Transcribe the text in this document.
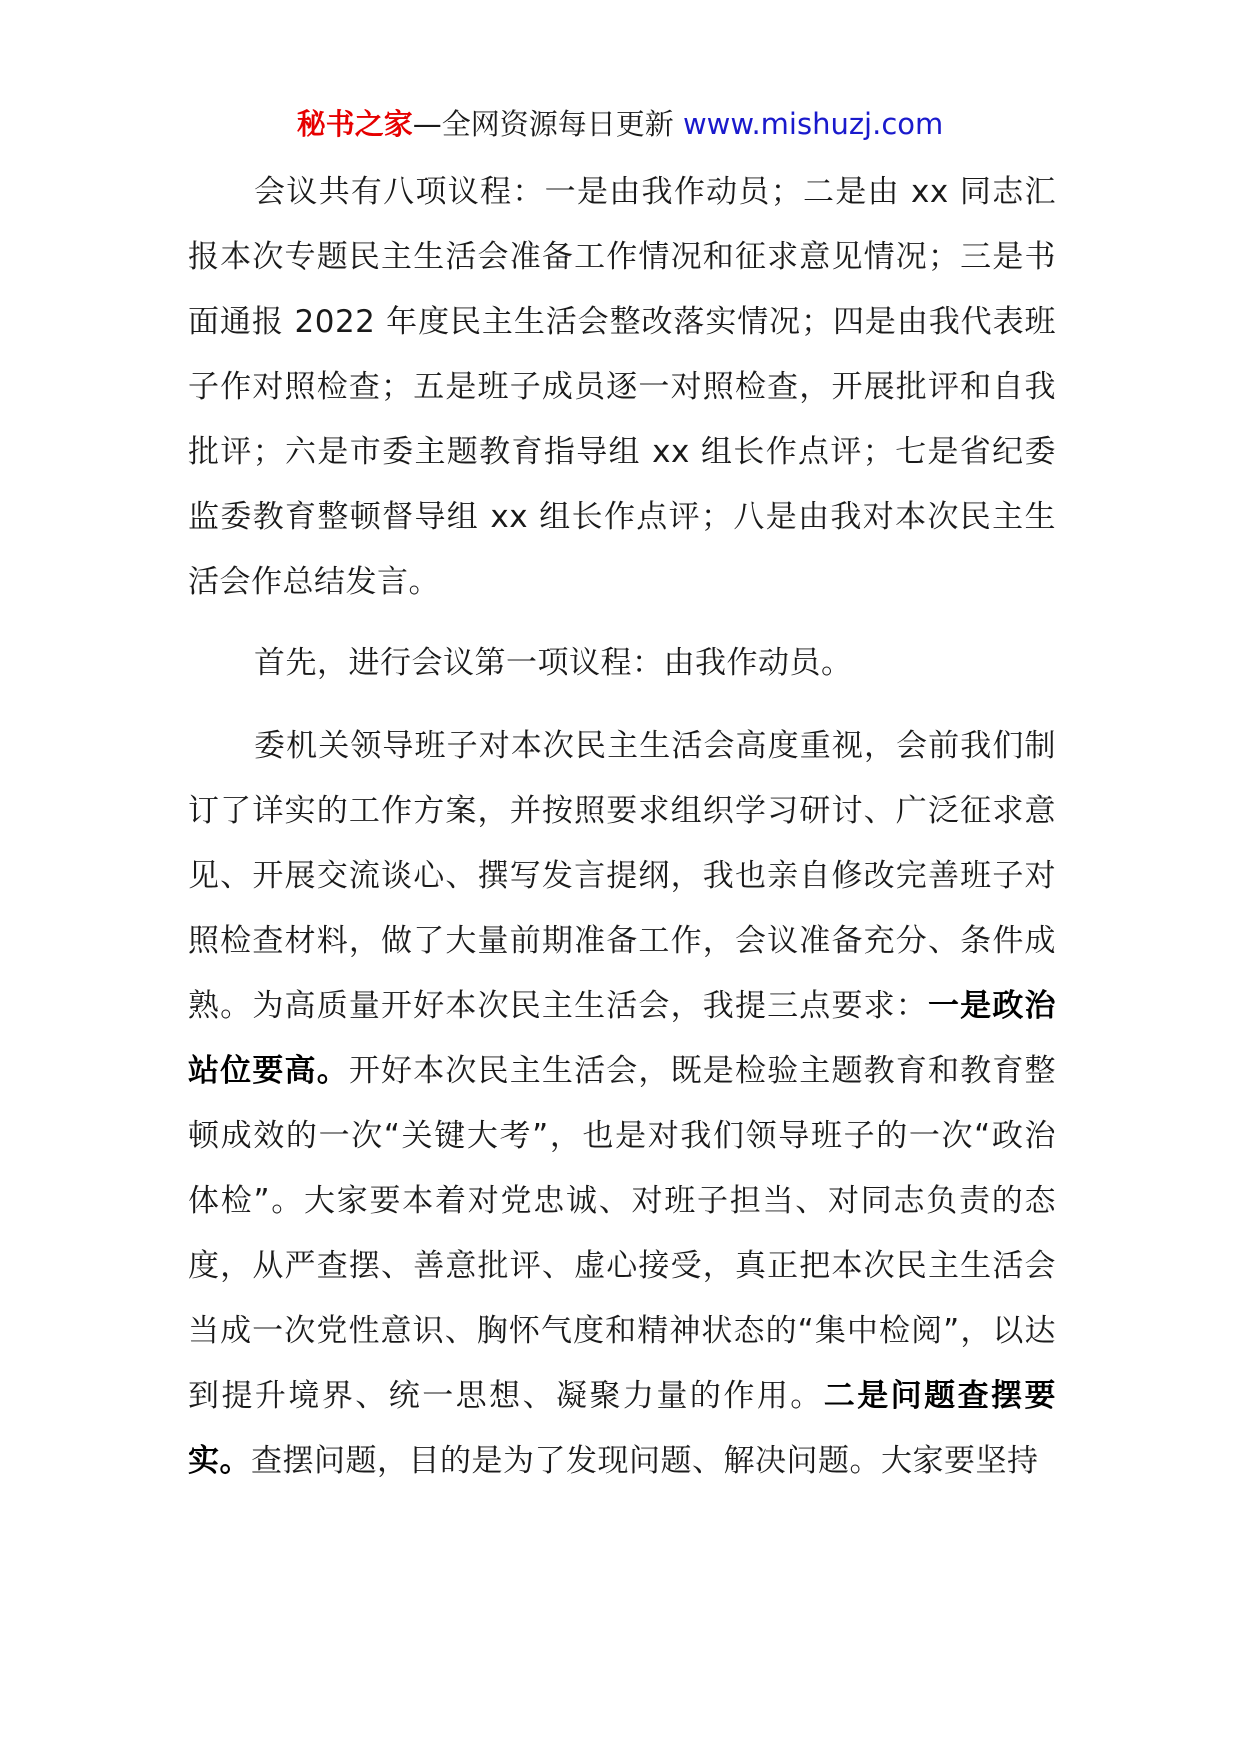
秘书之家—全网资源每日更新 www.mishuzj.com

会议共有八项议程：一是由我作动员；二是由 xx 同志汇报本次专题民主生活会准备工作情况和征求意见情况；三是书面通报 2022 年度民主生活会整改落实情况；四是由我代表班子作对照检查；五是班子成员逐一对照检查，开展批评和自我批评；六是市委主题教育指导组 xx 组长作点评；七是省纪委监委教育整顿督导组 xx 组长作点评；八是由我对本次民主生活会作总结发言。

首先，进行会议第一项议程：由我作动员。

委机关领导班子对本次民主生活会高度重视，会前我们制订了详实的工作方案，并按照要求组织学习研讨、广泛征求意见、开展交流谈心、撰写发言提纲，我也亲自修改完善班子对照检查材料，做了大量前期准备工作，会议准备充分、条件成熟。为高质量开好本次民主生活会，我提三点要求：一是政治站位要高。开好本次民主生活会，既是检验主题教育和教育整顿成效的一次“关键大考”，也是对我们领导班子的一次“政治体检”。大家要本着对党忠诚、对班子担当、对同志负责的态度，从严查摆、善意批评、虚心接受，真正把本次民主生活会当成一次党性意识、胸怀气度和精神状态的“集中检阅”，以达到提升境界、统一思想、凝聚力量的作用。二是问题查摆要实。查摆问题，目的是为了发现问题、解决问题。大家要坚持
